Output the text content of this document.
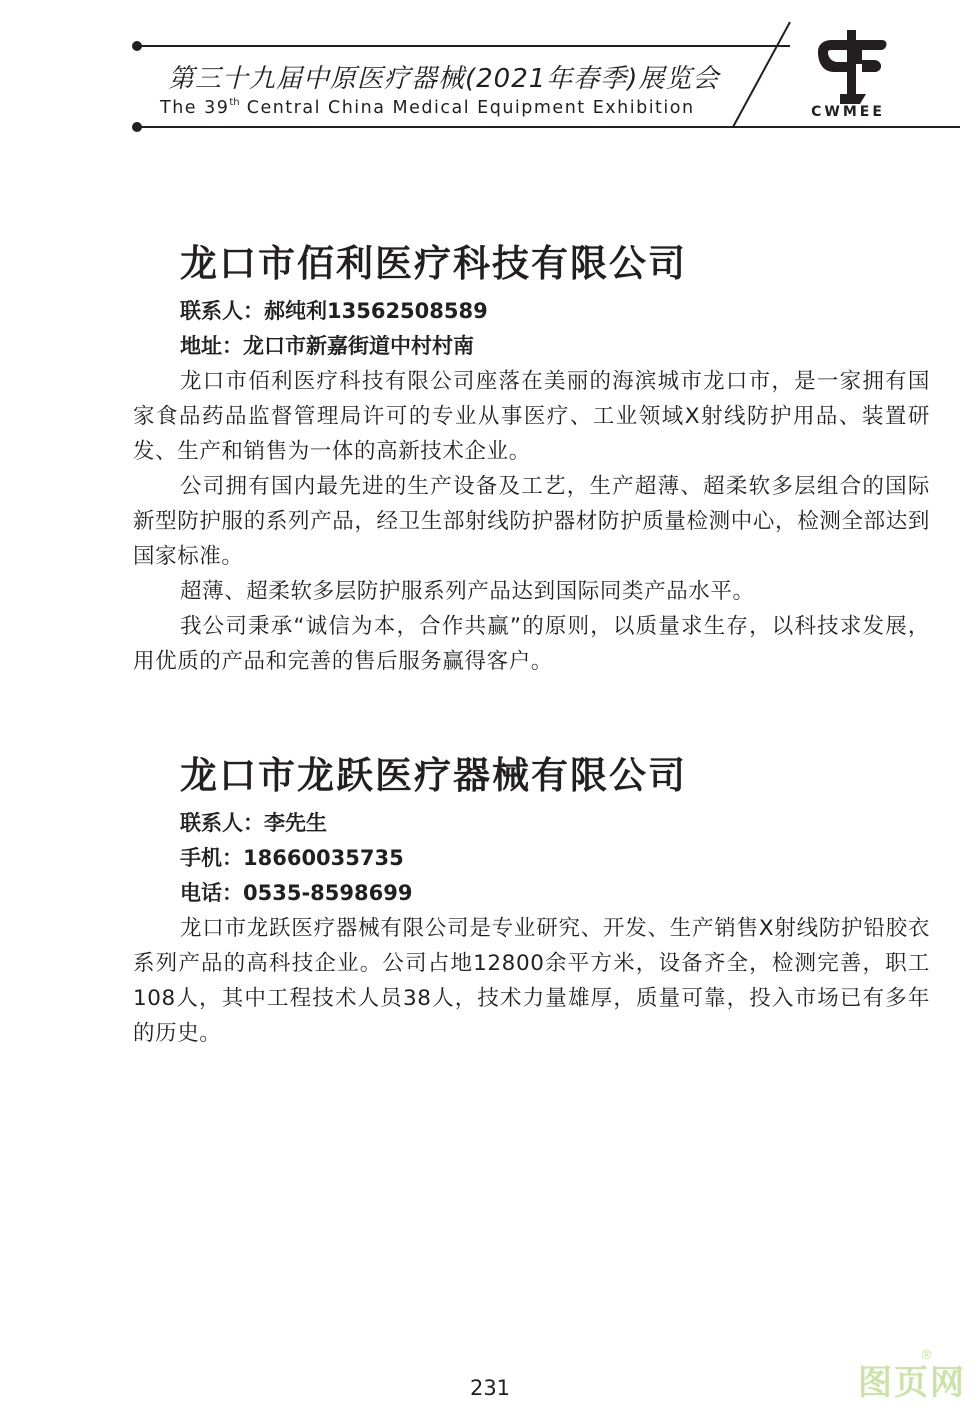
第三十九届中原医疗器械(2021年春季)展览会
The 39th Central China Medical Equipment Exhibition	CWMEE
龙口市佰利医疗科技有限公司
联系人：郝纯利13562508589
地址：龙口市新嘉街道中村村南

龙口市佰利医疗科技有限公司座落在美丽的海滨城市龙口市，是一家拥有国家食品药品监督管理局许可的专业从事医疗、工业领域X射线防护用品、装置研发、生产和销售为一体的高新技术企业。

公司拥有国内最先进的生产设备及工艺，生产超薄、超柔软多层组合的国际新型防护服的系列产品，经卫生部射线防护器材防护质量检测中心，检测全部达到国家标准。

超薄、超柔软多层防护服系列产品达到国际同类产品水平。

我公司秉承“诚信为本，合作共赢”的原则，以质量求生存，以科技求发展，用优质的产品和完善的售后服务赢得客户。

龙口市龙跃医疗器械有限公司
联系人：李先生
手机：18660035735
电话：0535-8598699

龙口市龙跃医疗器械有限公司是专业研究、开发、生产销售X射线防护铅胶衣系列产品的高科技企业。公司占地12800余平方米，设备齐全，检测完善，职工108人，其中工程技术人员38人，技术力量雄厚，质量可靠，投入市场已有多年的历史。

231	图页网
®
